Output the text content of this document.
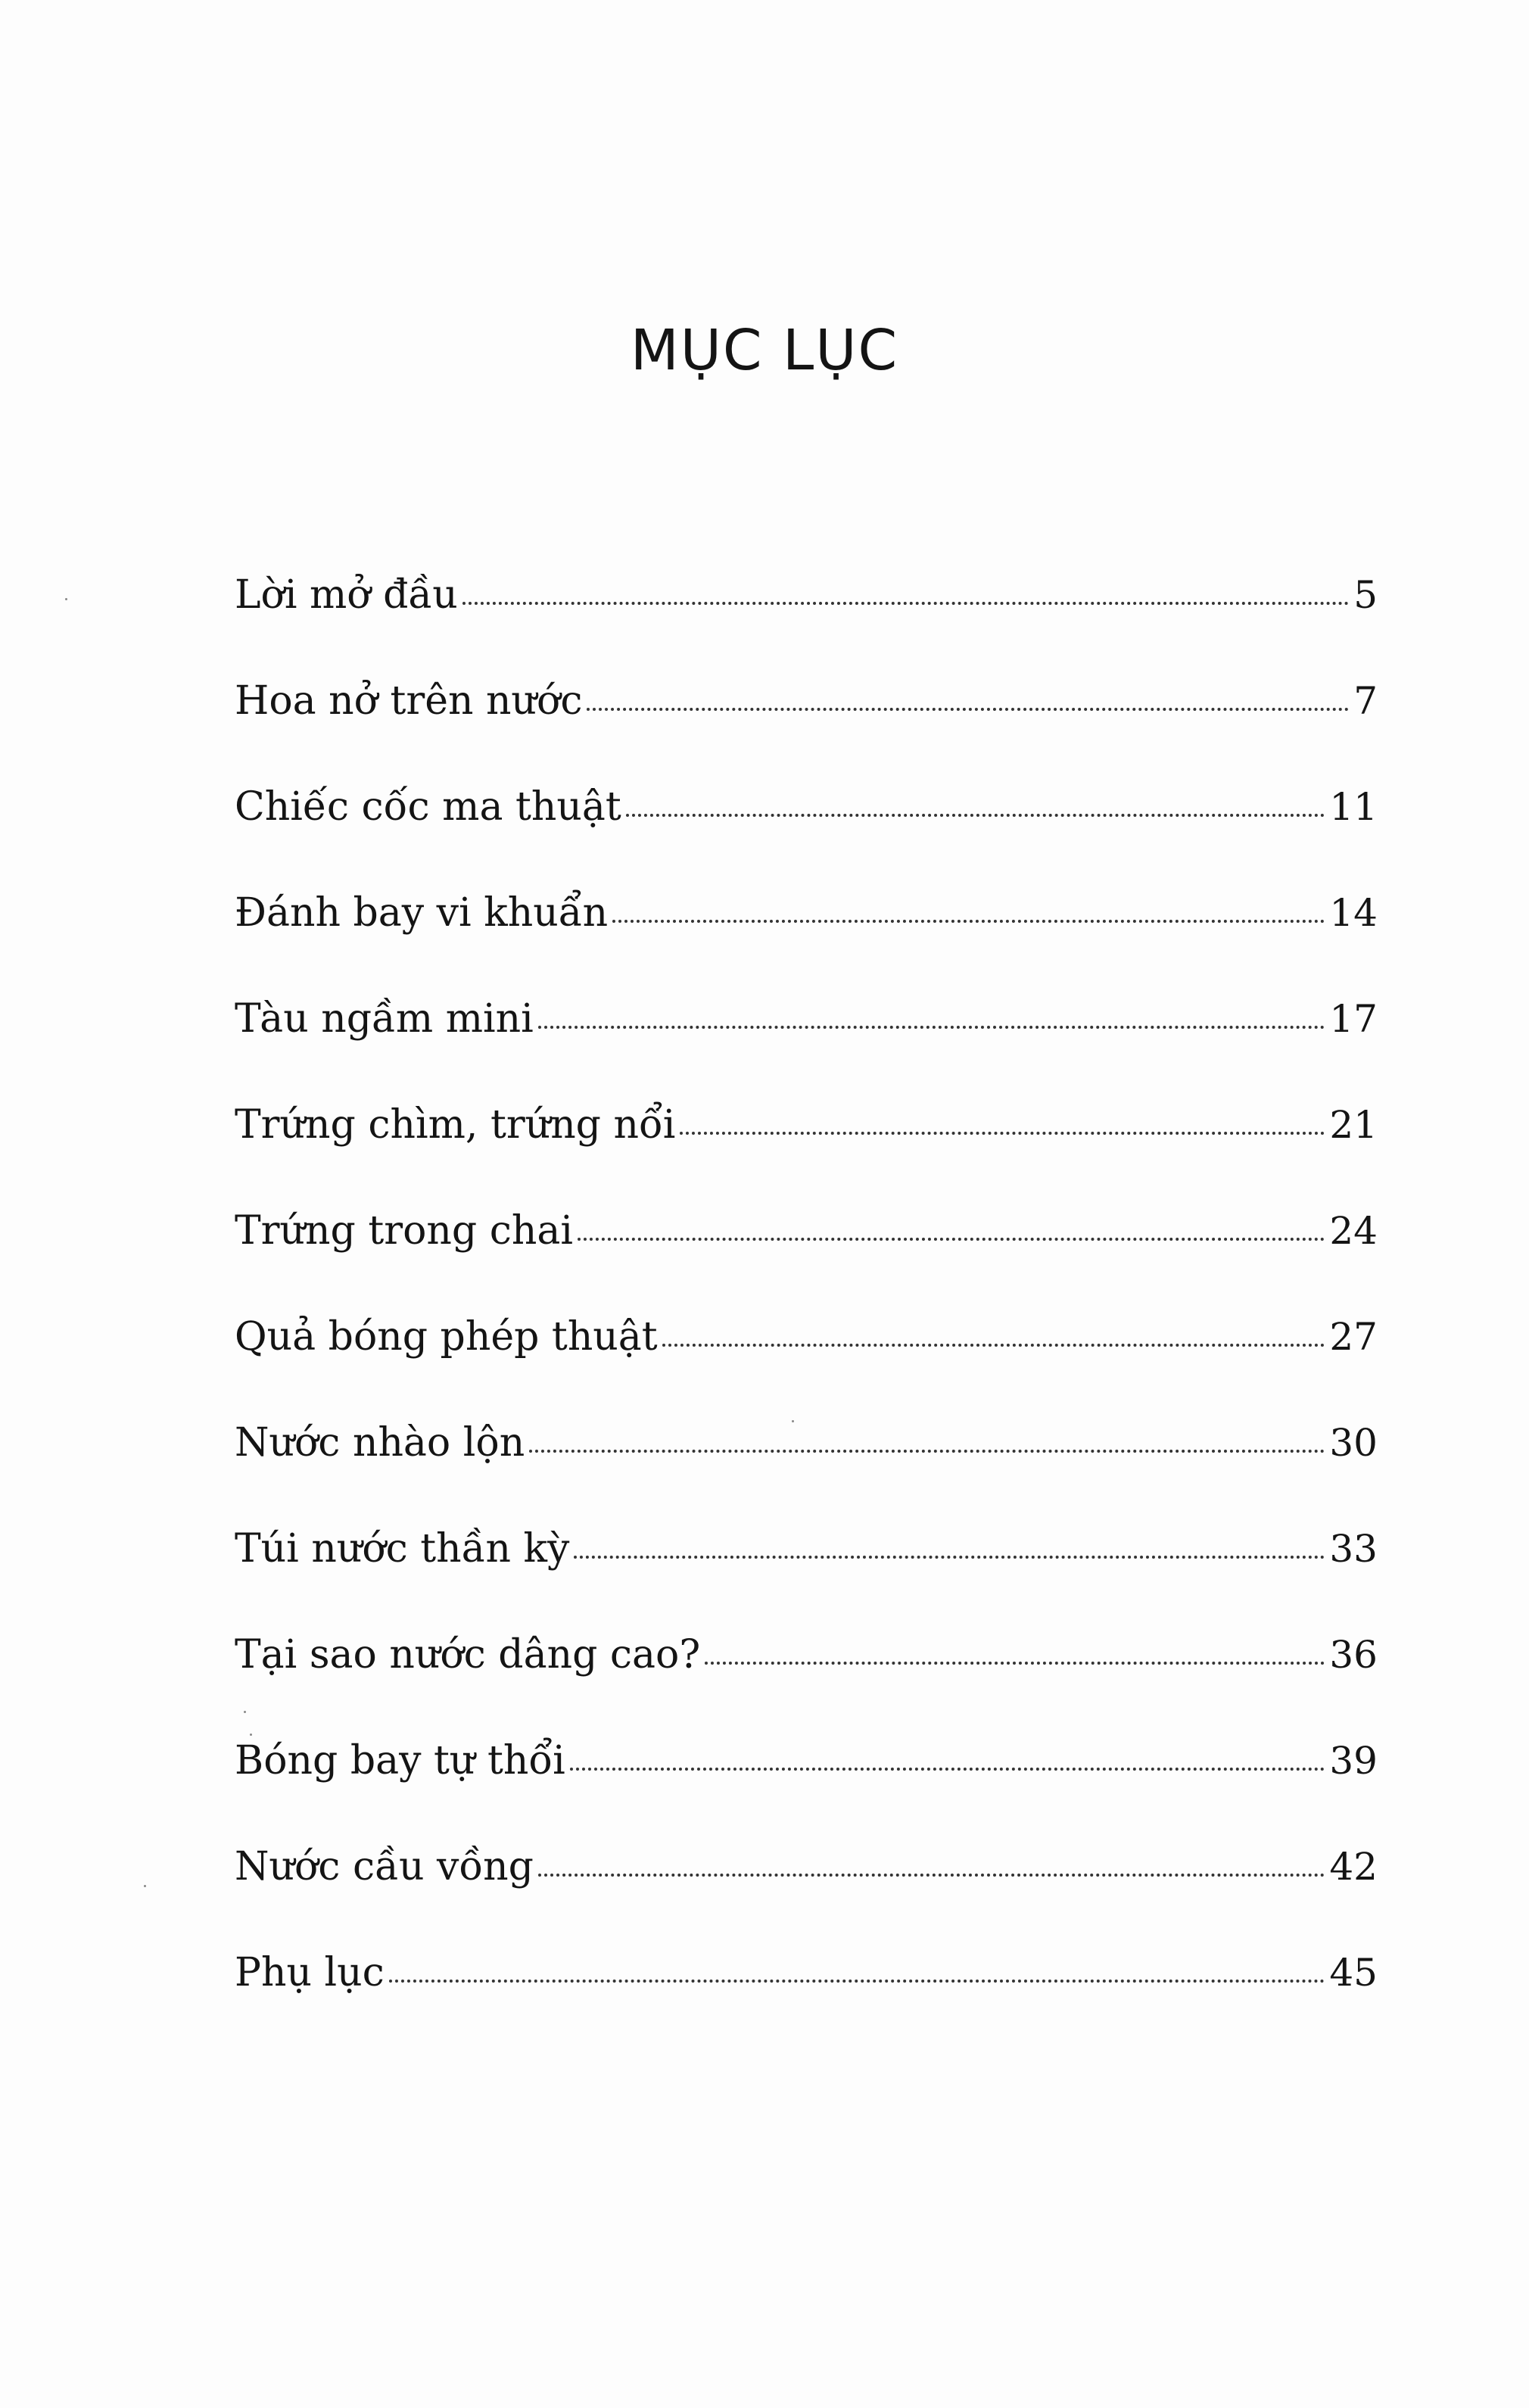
MỤC LỤC
Lời mở đầu	5
Hoa nở trên nước	7
Chiếc cốc ma thuật	11
Đánh bay vi khuẩn	14
Tàu ngầm mini	17
Trứng chìm, trứng nổi	21
Trứng trong chai	24
Quả bóng phép thuật	27
Nước nhào lộn	30
Túi nước thần kỳ	33
Tại sao nước dâng cao?	36
Bóng bay tự thổi	39
Nước cầu vồng	42
Phụ lục	45
